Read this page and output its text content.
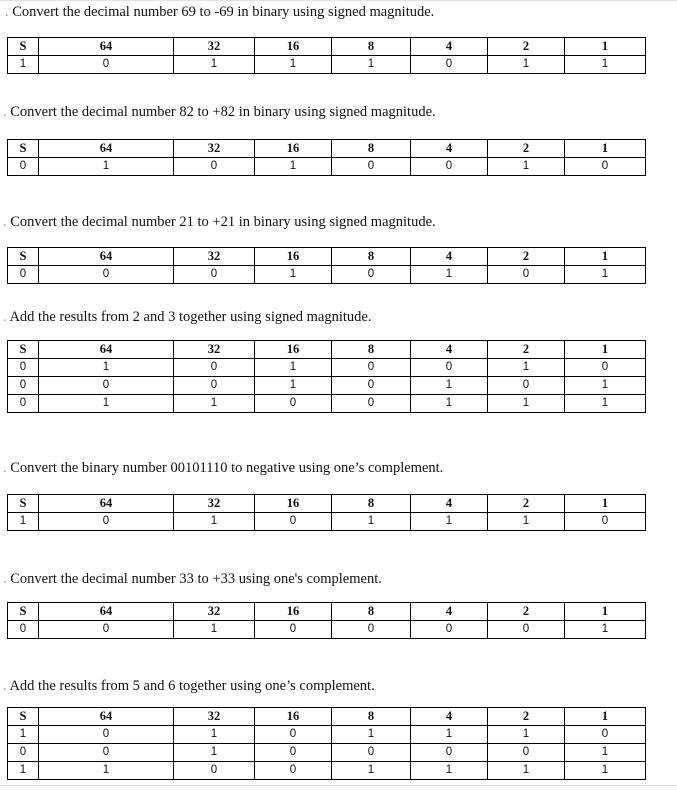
. Convert the decimal number 69 to -69 in binary using signed magnitude.
S	64	32	16	8	4	2	1
1	0	1	1	1	0	1	1
. Convert the decimal number 82 to +82 in binary using signed magnitude.
S	64	32	16	8	4	2	1
0	1	0	1	0	0	1	0
. Convert the decimal number 21 to +21 in binary using signed magnitude.
S	64	32	16	8	4	2	1
0	0	0	1	0	1	0	1
. Add the results from 2 and 3 together using signed magnitude.
S	64	32	16	8	4	2	1
0	1	0	1	0	0	1	0
0	0	0	1	0	1	0	1
0	1	1	0	0	1	1	1
. Convert the binary number 00101110 to negative using one’s complement.
S	64	32	16	8	4	2	1
1	0	1	0	1	1	1	0
. Convert the decimal number 33 to +33 using one's complement.
S	64	32	16	8	4	2	1
0	0	1	0	0	0	0	1
. Add the results from 5 and 6 together using one’s complement.
S	64	32	16	8	4	2	1
1	0	1	0	1	1	1	0
0	0	1	0	0	0	0	1
1	1	0	0	1	1	1	1
